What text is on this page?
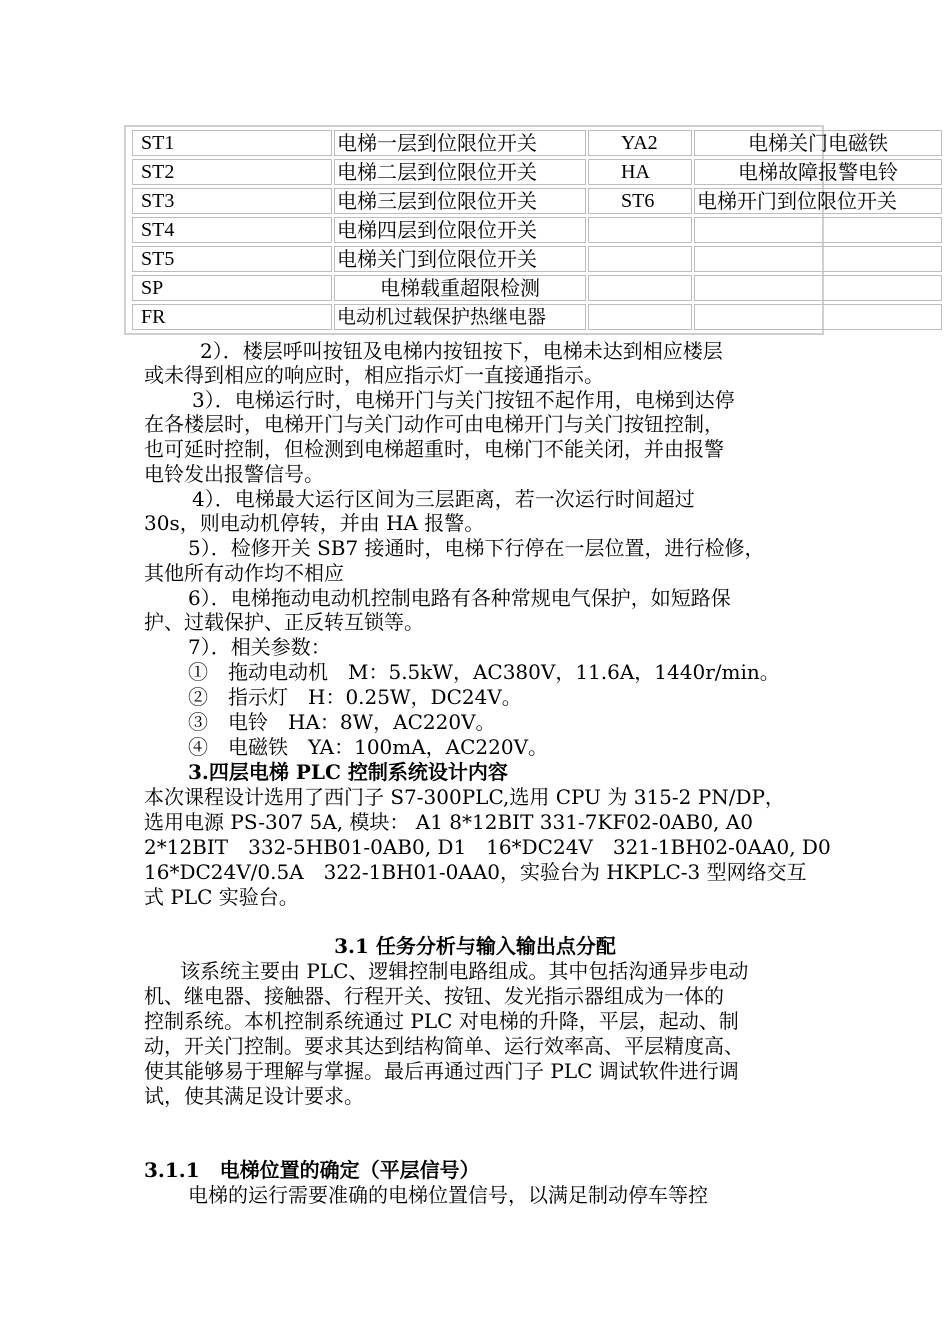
ST1	电梯一层到位限位开关	YA2	电梯关门电磁铁
ST2	电梯二层到位限位开关	HA	电梯故障报警电铃
ST3	电梯三层到位限位开关	ST6	电梯开门到位限位开关
ST4	电梯四层到位限位开关
ST5	电梯关门到位限位开关
SP	电梯载重超限检测
FR	电动机过载保护热继电器
2）．楼层呼叫按钮及电梯内按钮按下，电梯未达到相应楼层
或未得到相应的响应时，相应指示灯一直接通指示。
3）．电梯运行时，电梯开门与关门按钮不起作用，电梯到达停
在各楼层时，电梯开门与关门动作可由电梯开门与关门按钮控制，
也可延时控制，但检测到电梯超重时，电梯门不能关闭，并由报警
电铃发出报警信号。
4）．电梯最大运行区间为三层距离，若一次运行时间超过
30s，则电动机停转，并由 HA 报警。
5）．检修开关 SB7 接通时，电梯下行停在一层位置，进行检修，
其他所有动作均不相应
6）．电梯拖动电动机控制电路有各种常规电气保护，如短路保
护、过载保护、正反转互锁等。
7）．相关参数：
①　拖动电动机　M：5.5kW，AC380V，11.6A，1440r/min。
②　指示灯　H：0.25W，DC24V。
③　电铃　HA：8W，AC220V。
④　电磁铁　YA：100mA，AC220V。
3.四层电梯 PLC 控制系统设计内容
本次课程设计选用了西门子 S7-300PLC,选用 CPU 为 315-2 PN/DP，
选用电源 PS-307 5A, 模块： A1 8*12BIT 331-7KF02-0AB0, A0
2*12BIT　332-5HB01-0AB0, D1　16*DC24V　321-1BH02-0AA0, D0
16*DC24V/0.5A　322-1BH01-0AA0，实验台为 HKPLC-3 型网络交互
式 PLC 实验台。
3.1 任务分析与输入输出点分配
该系统主要由 PLC、逻辑控制电路组成。其中包括沟通异步电动
机、继电器、接触器、行程开关、按钮、发光指示器组成为一体的
控制系统。本机控制系统通过 PLC 对电梯的升降，平层，起动、制
动，开关门控制。要求其达到结构简单、运行效率高、平层精度高、
使其能够易于理解与掌握。最后再通过西门子 PLC 调试软件进行调
试，使其满足设计要求。
3.1.1　电梯位置的确定（平层信号）
电梯的运行需要准确的电梯位置信号，以满足制动停车等控
